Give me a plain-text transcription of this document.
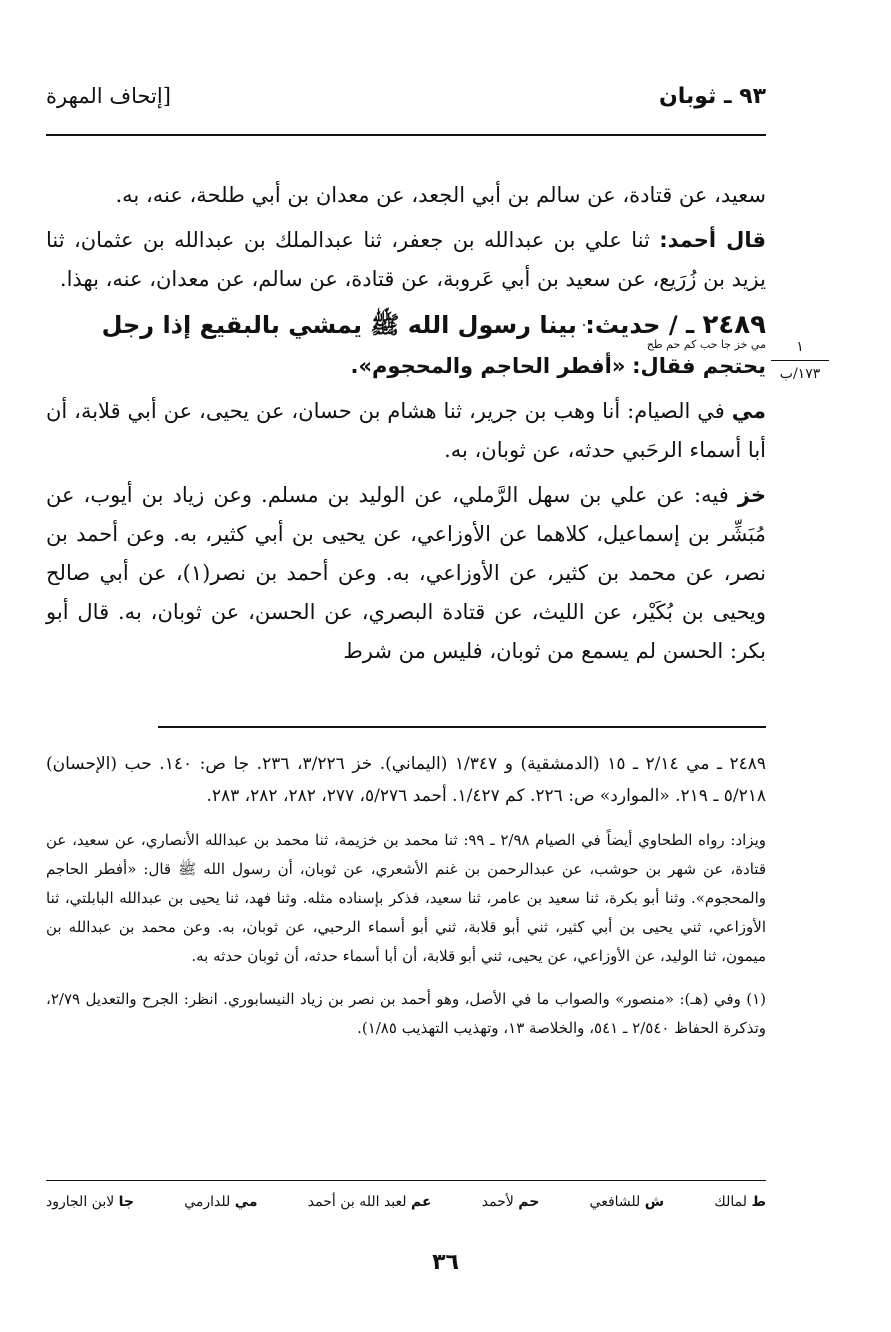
٩٣ ـ ثوبان
[إتحاف المهرة
١
١٧٣/ب

سعيد، عن قتادة، عن سالم بن أبي الجعد، عن معدان بن أبي طلحة، عنه، به.

قال أحمد: ثنا علي بن عبدالله بن جعفر، ثنا عبدالملك بن عبدالله بن عثمان، ثنا يزيد بن زُرَيع، عن سعيد بن أبي عَروبة، عن قتادة، عن سالم، عن معدان، عنه، بهذا.

٢٤٨٩ ـ / حديث: بينا رسول الله ﷺ يمشي بالبقيع إذا رجل

مي خز جا حب كم حم طح

يحتجم فقال: «أفطر الحاجم والمحجوم».

مي في الصيام: أنا وهب بن جرير، ثنا هشام بن حسان، عن يحيى، عن أبي قلابة، أن أبا أسماء الرحَبي حدثه، عن ثوبان، به.

خز فيه: عن علي بن سهل الرَّملي، عن الوليد بن مسلم. وعن زياد بن أيوب، عن مُبَشِّر بن إسماعيل، كلاهما عن الأوزاعي، عن يحيى بن أبي كثير، به. وعن أحمد بن نصر، عن محمد بن كثير، عن الأوزاعي، به. وعن أحمد بن نصر(١)، عن أبي صالح ويحيى بن بُكَيْر، عن الليث، عن قتادة البصري، عن الحسن، عن ثوبان، به. قال أبو بكر: الحسن لم يسمع من ثوبان، فليس من شرط

٢٤٨٩ ـ مي ٢/١٤ ـ ١٥ (الدمشقية) و ١/٣٤٧ (اليماني). خز ٣/٢٢٦، ٢٣٦. جا ص: ١٤٠. حب (الإحسان) ٥/٢١٨ ـ ٢١٩. «الموارد» ص: ٢٢٦. كم ١/٤٢٧. أحمد ٥/٢٧٦، ٢٧٧، ٢٨٢، ٢٨٢، ٢٨٣.

ويزاد: رواه الطحاوي أيضاً في الصيام ٢/٩٨ ـ ٩٩: ثنا محمد بن خزيمة، ثنا محمد بن عبدالله الأنصاري، عن سعيد، عن قتادة، عن شهر بن حوشب، عن عبدالرحمن بن غنم الأشعري، عن ثوبان، أن رسول الله ﷺ قال: «أفطر الحاجم والمحجوم». وثنا أبو بكرة، ثنا سعيد بن عامر، ثنا سعيد، فذكر بإسناده مثله. وثنا فهد، ثنا يحيى بن عبدالله البابلتي، ثنا الأوزاعي، ثني يحيى بن أبي كثير، ثني أبو قلابة، ثني أبو أسماء الرحبي، عن ثوبان، به. وعن محمد بن عبدالله بن ميمون، ثنا الوليد، عن الأوزاعي، عن يحيى، ثني أبو قلابة، أن أبا أسماء حدثه، أن ثوبان حدثه به.

(١) وفي (هـ): «منصور» والصواب ما في الأصل، وهو أحمد بن نصر بن زياد النيسابوري. انظر: الجرح والتعديل ٢/٧٩، وتذكرة الحفاظ ٢/٥٤٠ ـ ٥٤١، والخلاصة ١٣، وتهذيب التهذيب ١/٨٥).

ط لمالك
ش للشافعي
حم لأحمد
عم لعبد الله بن أحمد
مي للدارمي
جا لابن الجارود
٣٦
